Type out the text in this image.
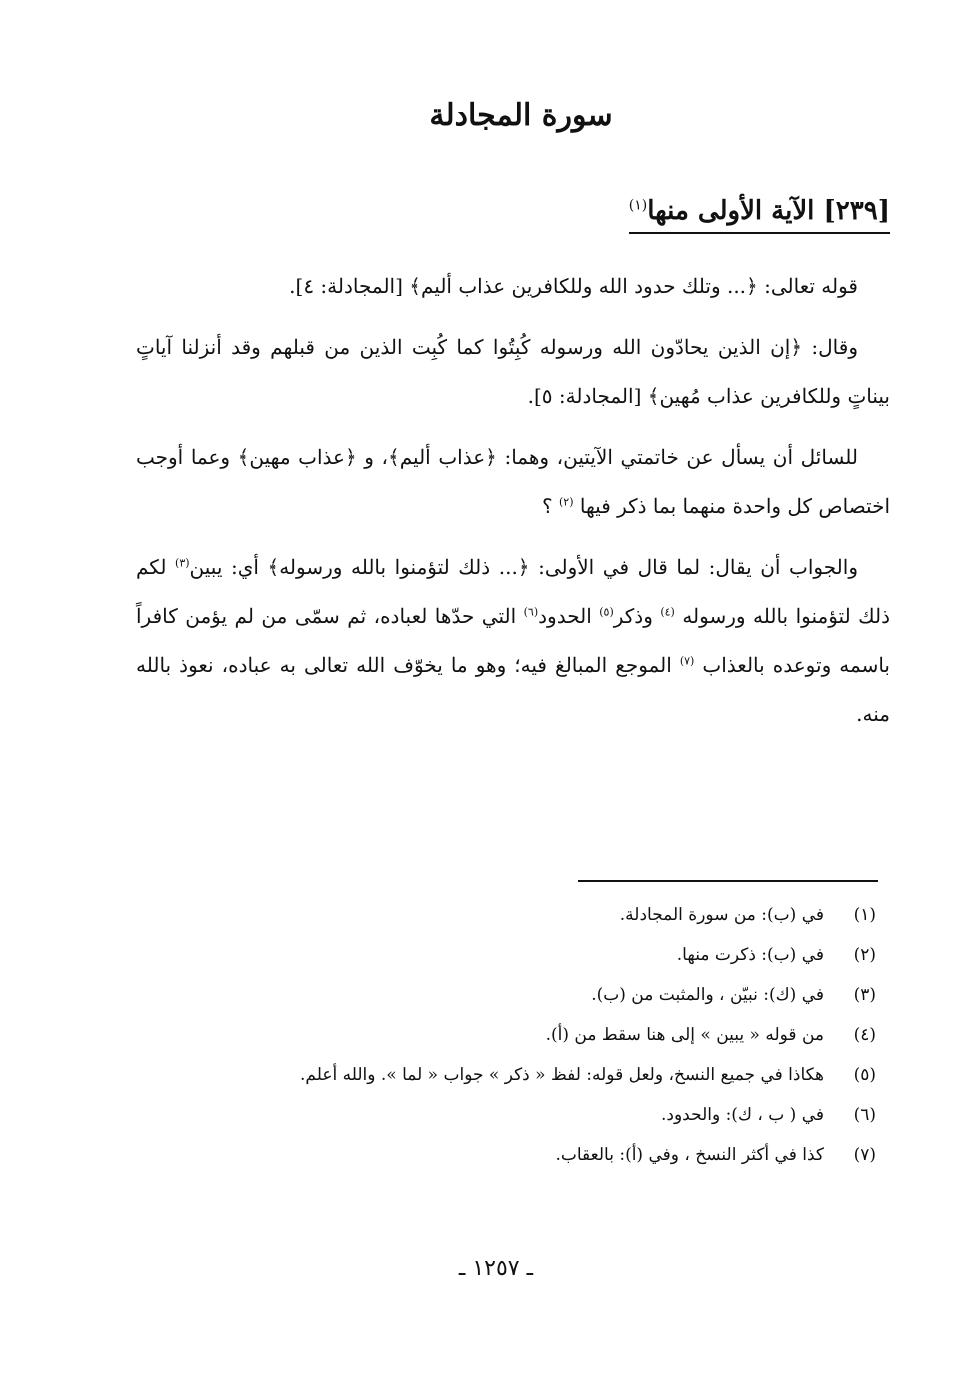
سورة المجادلة
[٢٣٩] الآية الأولى منها$^{(١)}$

قوله تعالى: ﴿... وتلك حدود الله وللكافرين عذاب أليم﴾ [المجادلة: ٤].

وقال: ﴿إن الذين يحادّون الله ورسوله كُبِتُوا كما كُبِت الذين من قبلهم وقد أنزلنا آياتٍ بيناتٍ وللكافرين عذاب مُهين﴾ [المجادلة: ٥].

للسائل أن يسأل عن خاتمتي الآيتين، وهما: ﴿عذاب أليم﴾، و ﴿عذاب مهين﴾ وعما أوجب اختصاص كل واحدة منهما بما ذكر فيها $^{(٢)}$ ؟

والجواب أن يقال: لما قال في الأولى: ﴿... ذلك لتؤمنوا بالله ورسوله﴾ أي: يبين$^{(٣)}$ لكم ذلك لتؤمنوا بالله ورسوله $^{(٤)}$ وذكر$^{(٥)}$ الحدود$^{(٦)}$ التي حدّها لعباده، ثم سمّى من لم يؤمن كافراً باسمه وتوعده بالعذاب $^{(٧)}$ الموجع المبالغ فيه؛ وهو ما يخوّف الله تعالى به عباده، نعوذ بالله منه.

(١)
في (ب): من سورة المجادلة.
(٢)
في (ب): ذكرت منها.
(٣)
في (ك): نبيّن ، والمثبت من (ب).
(٤)
من قوله « يبين » إلى هنا سقط من (أ).
(٥)
هكاذا في جميع النسخ، ولعل قوله: لفظ « ذكر » جواب « لما ». والله أعلم.
(٦)
في ( ب ، ك): والحدود.
(٧)
كذا في أكثر النسخ ، وفي (أ): بالعقاب.
ـ ١٢٥٧ ـ
